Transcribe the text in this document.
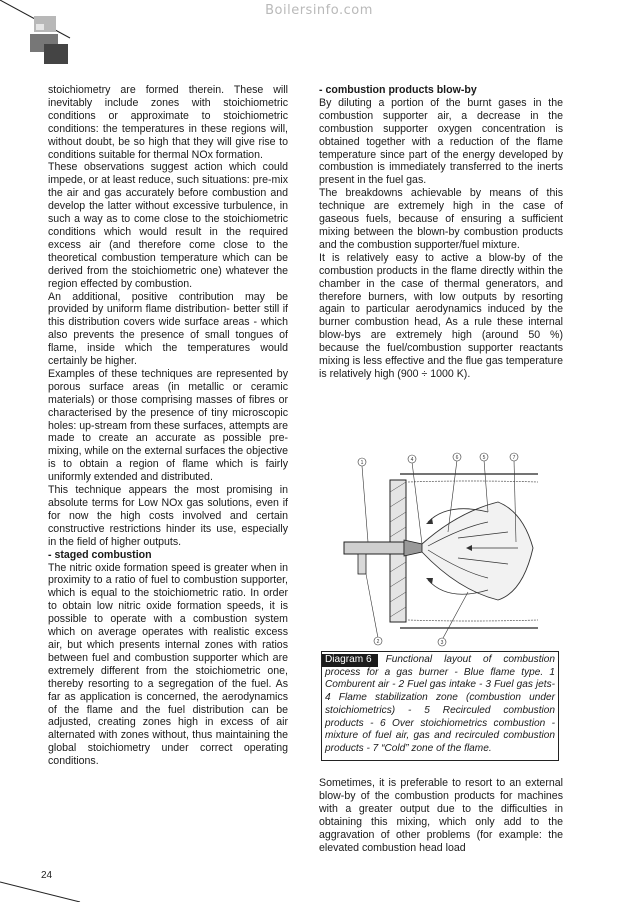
Boilersinfo.com

stoichiometry are formed therein. These will inevitably include zones with stoichiometric conditions or approximate to stoichiometric conditions: the temperatures in these regions will, without doubt, be so high that they will give rise to conditions suitable for thermal NOx formation.

These observations suggest action which could impede, or at least reduce, such situations: pre-mix the air and gas accurately before combustion and develop the latter without excessive turbulence, in such a way as to come close to the stoichiometric conditions which would result in the required excess air (and therefore come close to the theoretical combustion temperature which can be derived from the stoichiometric one) whatever the region effected by combustion.

An additional, positive contribution may be provided by uniform flame distribution- better still if this distribution covers wide surface areas - which also prevents the presence of small tongues of flame, inside which the temperatures would certainly be higher.

Examples of these techniques are represented by porous surface areas (in metallic or ceramic materials) or those comprising masses of fibres or characterised by the presence of tiny microscopic holes: up-stream from these surfaces, attempts are made to create an accurate as possible pre-mixing, while on the external surfaces the objective is to obtain a region of flame which is fairly uniformly extended and distributed.

This technique appears the most promising in absolute terms for Low NOx gas solutions, even if for now the high costs involved and certain constructive restrictions hinder its use, especially in the field of higher outputs.

- staged combustion

The nitric oxide formation speed is greater when in proximity to a ratio of fuel to combustion supporter, which is equal to the stoichiometric ratio. In order to obtain low nitric oxide formation speeds, it is possible to operate with a combustion system which on average operates with realistic excess air, but which presents internal zones with ratios between fuel and combustion supporter which are extremely different from the stoichiometric one, thereby resorting to a segregation of the fuel. As far as application is concerned, the aerodynamics of the flame and the fuel distribution can be adjusted, creating zones high in excess of air alternated with zones without, thus maintaining the global stoichiometry under correct operating conditions.

- combustion products blow-by

By diluting a portion of the burnt gases in the combustion supporter air, a decrease in the combustion supporter oxygen concentration is obtained together with a reduction of the flame temperature since part of the energy developed by combustion is immediately transferred to the inerts present in the fuel gas.

The breakdowns achievable by means of this technique are extremely high in the case of gaseous fuels, because of ensuring a sufficient mixing between the blown-by combustion products and the combustion supporter/fuel mixture.

It is relatively easy to active a blow-by of the combustion products in the flame directly within the chamber in the case of thermal generators, and therefore burners, with low outputs by resorting again to particular aerodynamics induced by the burner combustion head, As a rule these internal blow-bys are extremely high (around 50 %) because the fuel/combustion supporter reactants mixing is less effective and the flue gas temperature is relatively high (900 ÷ 1000 K).

1	4	6	5	7
2	3
Diagram 6 Functional layout of combustion process for a gas burner - Blue flame type. 1 Comburent air - 2 Fuel gas intake - 3 Fuel gas jets- 4 Flame stabilization zone (combustion under stoichiometrics) - 5 Recirculed combustion products - 6 Over stoichiometrics combustion - mixture of fuel air, gas and recirculed combustion products - 7 “Cold” zone of the flame.

Sometimes, it is preferable to resort to an external blow-by of the combustion products for machines with a greater output due to the difficulties in obtaining this mixing, which only add to the aggravation of other problems (for example: the elevated combustion head load

24
